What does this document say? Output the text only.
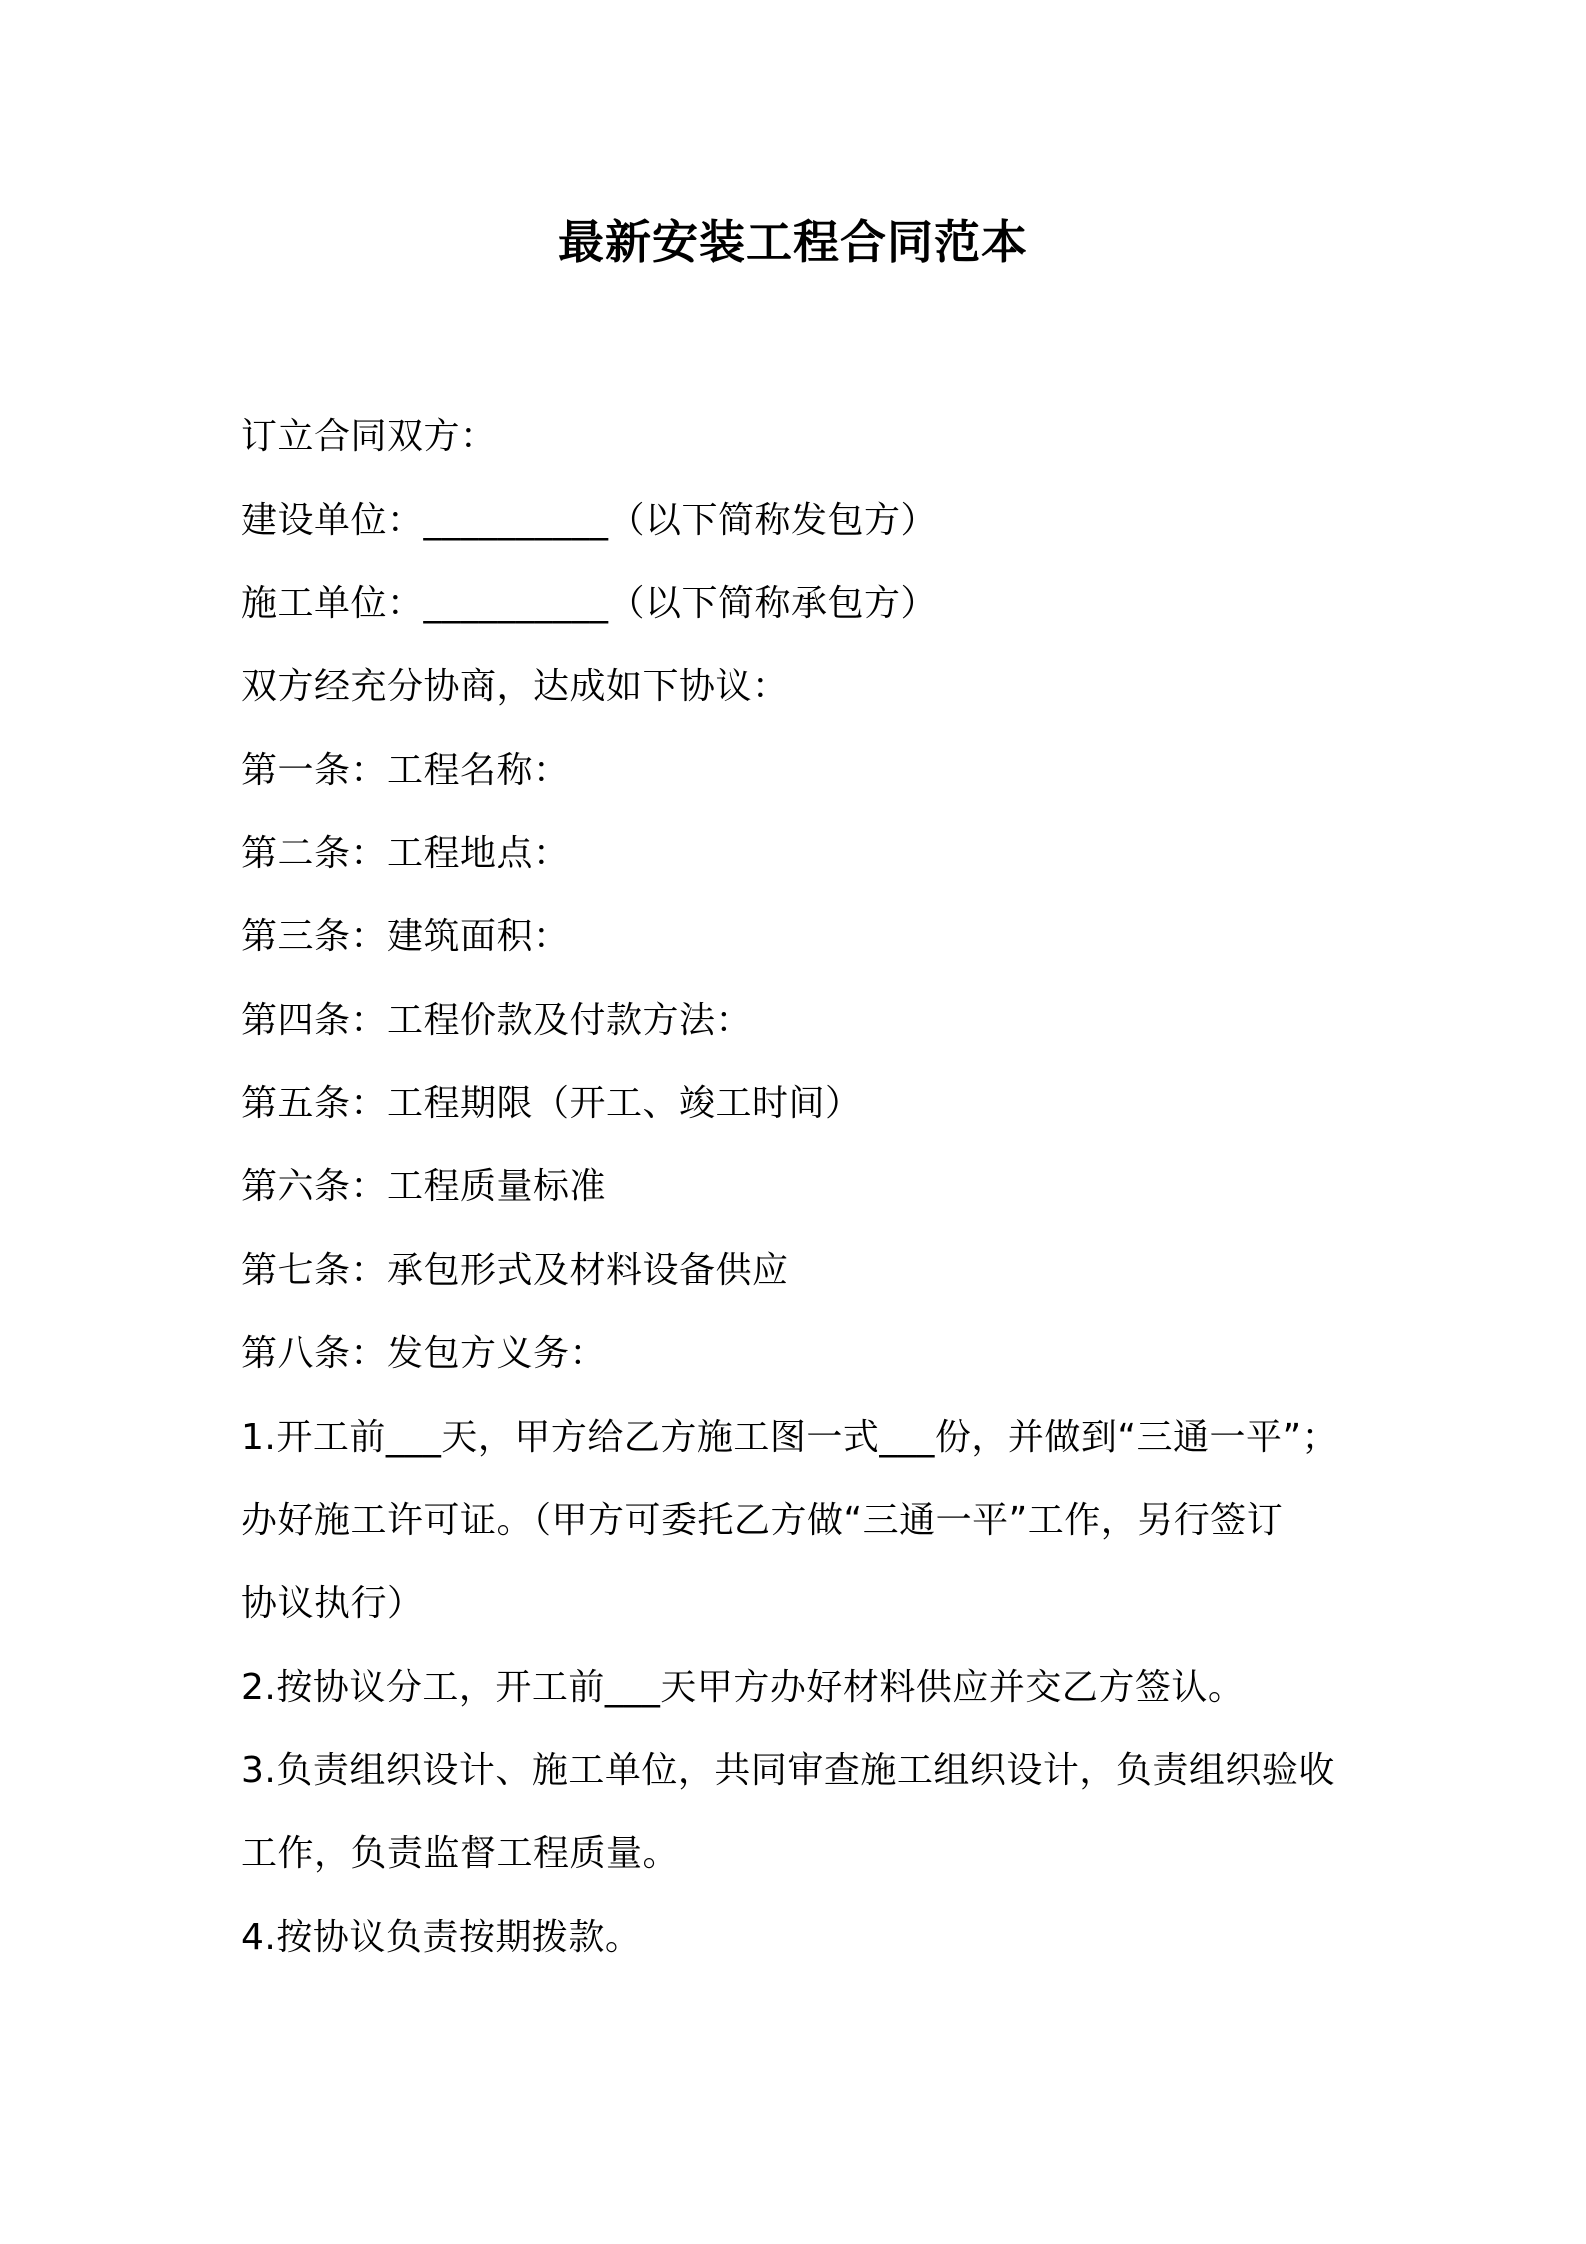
最新安装工程合同范本
订立合同双方：
建设单位：__________（以下简称发包方）
施工单位：__________（以下简称承包方）
双方经充分协商，达成如下协议：
第一条：工程名称：
第二条：工程地点：
第三条：建筑面积：
第四条：工程价款及付款方法：
第五条：工程期限（开工、竣工时间）
第六条：工程质量标准
第七条：承包形式及材料设备供应
第八条：发包方义务：
1.开工前___天，甲方给乙方施工图一式___份，并做到“三通一平”；
办好施工许可证。（甲方可委托乙方做“三通一平”工作，另行签订
协议执行）
2.按协议分工，开工前___天甲方办好材料供应并交乙方签认。
3.负责组织设计、施工单位，共同审查施工组织设计，负责组织验收
工作，负责监督工程质量。
4.按协议负责按期拨款。
